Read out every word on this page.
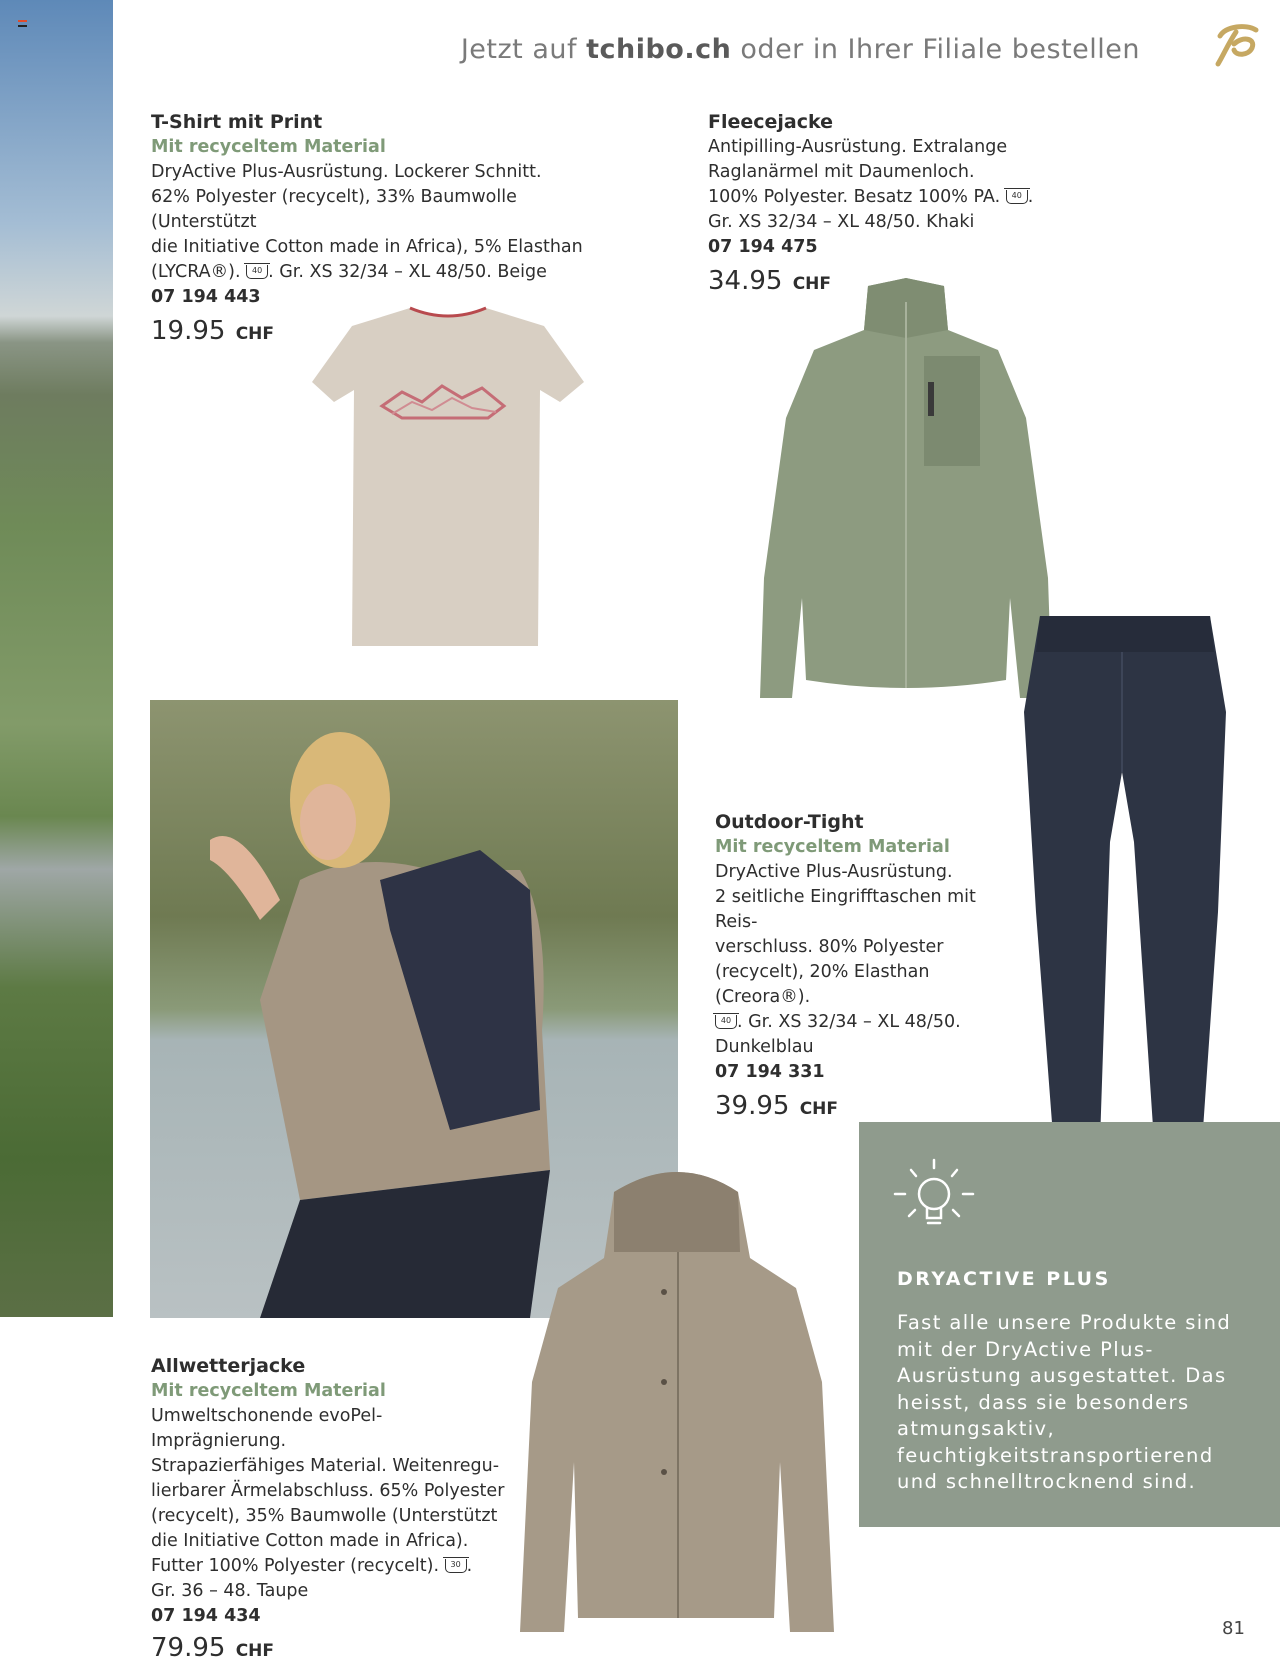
Jetzt auf tchibo.ch oder in Ihrer Filiale bestellen
T-Shirt mit Print
Mit recyceltem Material
DryActive Plus-Ausrüstung. Lockerer Schnitt.
62% Polyester (recycelt), 33% Baumwolle (Unterstützt
die Initiative Cotton made in Africa), 5% Elasthan
(LYCRA®). 40 . Gr. XS 32/34 – XL 48/50. Beige
07 194 443
19.95 CHF
Fleecejacke
Antipilling-Ausrüstung. Extralange
Raglanärmel mit Daumenloch.
100% Polyester. Besatz 100% PA. 40 .
Gr. XS 32/34 – XL 48/50. Khaki
07 194 475
34.95 CHF
Outdoor-Tight
Mit recyceltem Material
DryActive Plus-Ausrüstung.
2 seitliche Eingrifftaschen mit Reis-
verschluss. 80% Polyester
(recycelt), 20% Elasthan (Creora®).
40 . Gr. XS 32/34 – XL 48/50.
Dunkelblau
07 194 331
39.95 CHF
Allwetterjacke
Mit recyceltem Material
Umweltschonende evoPel-Imprägnierung.
Strapazierfähiges Material. Weitenregu-
lierbarer Ärmelabschluss. 65% Polyester
(recycelt), 35% Baumwolle (Unterstützt
die Initiative Cotton made in Africa).
Futter 100% Polyester (recycelt). 30 .
Gr. 36 – 48. Taupe
07 194 434
79.95 CHF
DRYACTIVE PLUS
Fast alle unsere Produkte sind mit der DryActive Plus-Ausrüstung ausgestattet. Das heisst, dass sie besonders atmungsaktiv, feuchtigkeitstransportierend und schnelltrocknend sind.
81
